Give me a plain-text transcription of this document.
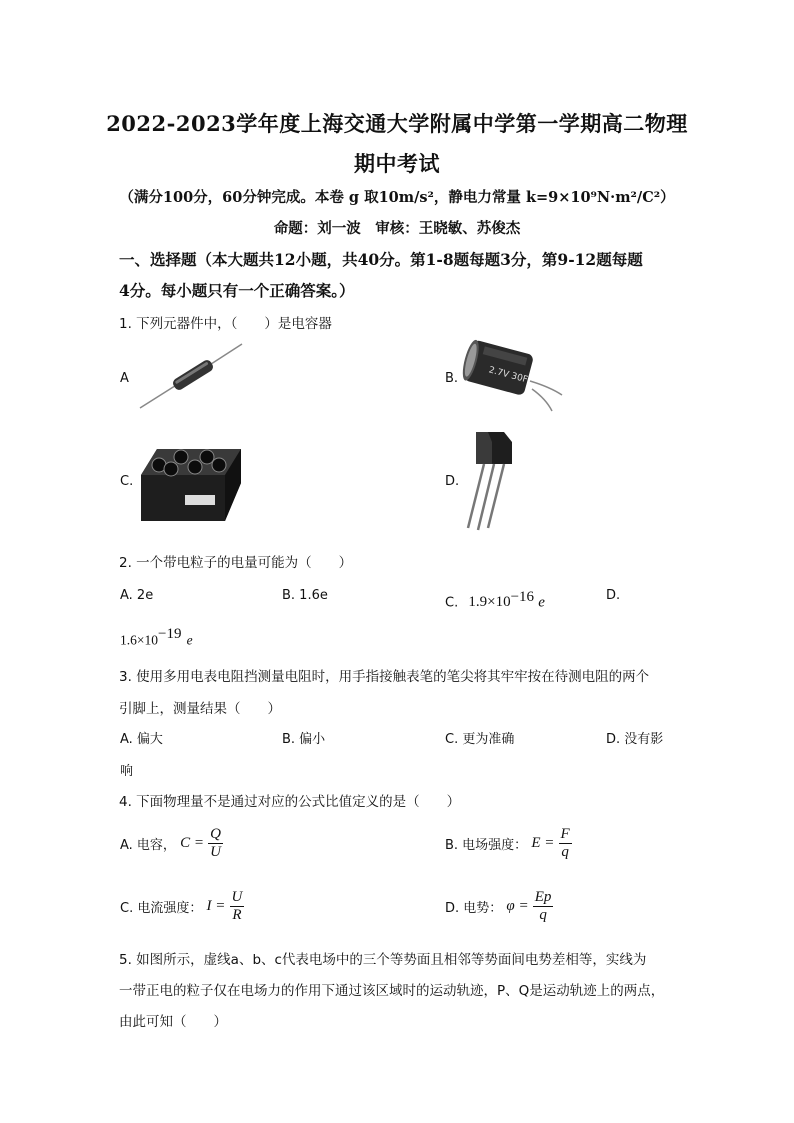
2022-2023学年度上海交通大学附属中学第一学期高二物理
期中考试
（满分100分，60分钟完成。本卷 g 取10m/s²，静电力常量 k=9×10⁹N·m²/C²）
命题：刘一波　审核：王晓敏、苏俊杰
一、选择题（本大题共12小题，共40分。第1-8题每题3分，第9-12题每题
4分。每小题只有一个正确答案。）
1. 下列元器件中，（　　）是电容器
A	B.	2.7V 30F
C.	D.
2. 一个带电粒子的电量可能为（　　）
A. 2e	B. 1.6e	C. $1.9\times 10^{-16}$ e	D.
$1.6\times 10^{-19}$ e
3. 使用多用电表电阻挡测量电阻时，用手指接触表笔的笔尖将其牢牢按在待测电阻的两个
引脚上，测量结果（　　）
A. 偏大	B. 偏小	C. 更为准确	D. 没有影
响
4. 下面物理量不是通过对应的公式比值定义的是（　　）
A. 电容， $C = \frac{Q}{U}$	B. 电场强度： $E = \frac{F}{q}$
C. 电流强度： $I = \frac{U}{R}$	D. 电势： $\varphi = \frac{Ep}{q}$
5. 如图所示，虚线a、b、c代表电场中的三个等势面且相邻等势面间电势差相等，实线为
一带正电的粒子仅在电场力的作用下通过该区域时的运动轨迹，P、Q是运动轨迹上的两点，
由此可知（　　）
